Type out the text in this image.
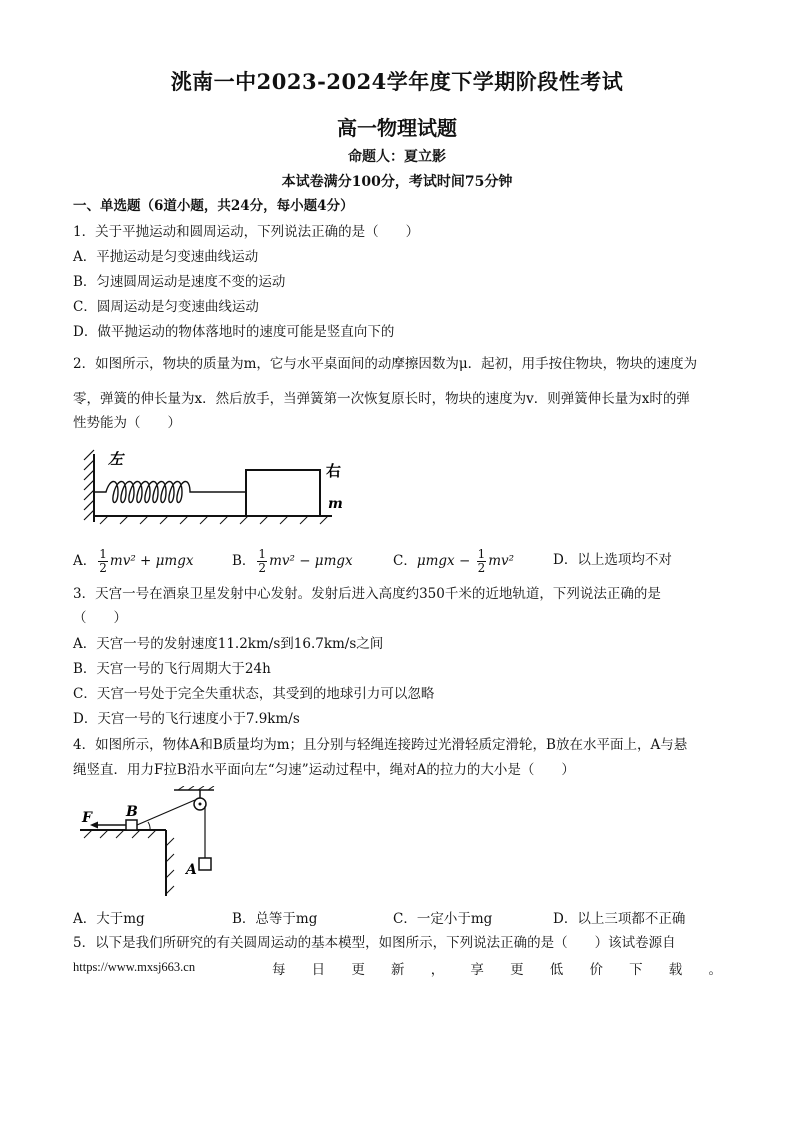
洮南一中2023-2024学年度下学期阶段性考试
高一物理试题
命题人：夏立影
本试卷满分100分，考试时间75分钟
一、单选题（6道小题，共24分，每小题4分）
1．关于平抛运动和圆周运动，下列说法正确的是（　　）
A．平抛运动是匀变速曲线运动
B．匀速圆周运动是速度不变的运动
C．圆周运动是匀变速曲线运动
D．做平抛运动的物体落地时的速度可能是竖直向下的
2．如图所示，物块的质量为m，它与水平桌面间的动摩擦因数为μ．起初，用手按住物块，物块的速度为
零，弹簧的伸长量为x．然后放手，当弹簧第一次恢复原长时，物块的速度为v．则弹簧伸长量为x时的弹
性势能为（　　）
左
右
m
A． $\frac{1}{2} mv^2 + \mu mgx$	B． $\frac{1}{2} mv^2 - \mu mgx$	C．$\mu mgx - \frac{1}{2} mv^2$	D．以上选项均不对
3．天宫一号在酒泉卫星发射中心发射。发射后进入高度约350千米的近地轨道，下列说法正确的是
（　　）
A．天宫一号的发射速度11.2km/s到16.7km/s之间
B．天宫一号的飞行周期大于24h
C．天宫一号处于完全失重状态，其受到的地球引力可以忽略
D．天宫一号的飞行速度小于7.9km/s
4．如图所示，物体A和B质量均为m；且分别与轻绳连接跨过光滑轻质定滑轮，B放在水平面上，A与悬
绳竖直．用力F拉B沿水平面向左“匀速”运动过程中，绳对A的拉力的大小是（　　）
F B
A
A．大于mg	B．总等于mg	C．一定小于mg	D．以上三项都不正确
5．以下是我们所研究的有关圆周运动的基本模型，如图所示，下列说法正确的是（　　）该试卷源自
https://www.mxsj663.cn	每 日 更 新 ， 享 更 低 价 下 载 。
